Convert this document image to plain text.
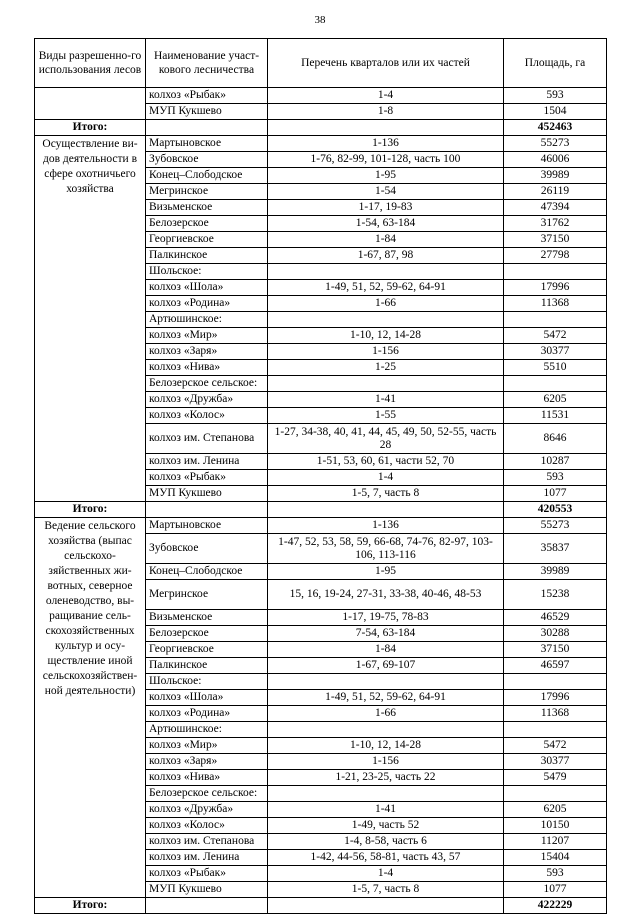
38
Виды разрешенно-го использования лесов	Наименование участ-кового лесничества	Перечень кварталов или их частей	Площадь, га
	колхоз «Рыбак»	1-4	593
	МУП Кукшево	1-8	1504
Итого:			452463
Осуществление ви-дов деятельности в сфере охотничьего хозяйства	Мартыновское	1-136	55273
	Зубовское	1-76, 82-99, 101-128, часть 100	46006
	Конец–Слободское	1-95	39989
	Мегринское	1-54	26119
	Визьменское	1-17, 19-83	47394
	Белозерское	1-54, 63-184	31762
	Георгиевское	1-84	37150
	Палкинское	1-67, 87, 98	27798
	Шольское:		
	колхоз «Шола»	1-49, 51, 52, 59-62, 64-91	17996
	колхоз «Родина»	1-66	11368
	Артюшинское:		
	колхоз «Мир»	1-10, 12, 14-28	5472
	колхоз «Заря»	1-156	30377
	колхоз «Нива»	1-25	5510
	Белозерское сельское:		
	колхоз «Дружба»	1-41	6205
	колхоз «Колос»	1-55	11531
	колхоз им. Степанова	1-27, 34-38, 40, 41, 44, 45, 49, 50, 52-55, часть 28	8646
	колхоз им. Ленина	1-51, 53, 60, 61, части 52, 70	10287
	колхоз «Рыбак»	1-4	593
	МУП Кукшево	1-5, 7, часть 8	1077
Итого:			420553
Ведение сельского хозяйства (выпас сельскохо-зяйственных жи-вотных, северное оленеводство, вы-ращивание сель-скохозяйственных культур и осу-ществление иной сельскохозяйствен-ной деятельности)	Мартыновское	1-136	55273
	Зубовское	1-47, 52, 53, 58, 59, 66-68, 74-76, 82-97, 103-106, 113-116	35837
	Конец–Слободское	1-95	39989
	Мегринское	15, 16, 19-24, 27-31, 33-38, 40-46, 48-53	15238
	Визьменское	1-17, 19-75, 78-83	46529
	Белозерское	7-54, 63-184	30288
	Георгиевское	1-84	37150
	Палкинское	1-67, 69-107	46597
	Шольское:		
	колхоз «Шола»	1-49, 51, 52, 59-62, 64-91	17996
	колхоз «Родина»	1-66	11368
	Артюшинское:		
	колхоз «Мир»	1-10, 12, 14-28	5472
	колхоз «Заря»	1-156	30377
	колхоз «Нива»	1-21, 23-25, часть 22	5479
	Белозерское сельское:		
	колхоз «Дружба»	1-41	6205
	колхоз «Колос»	1-49, часть 52	10150
	колхоз им. Степанова	1-4, 8-58, часть 6	11207
	колхоз им. Ленина	1-42, 44-56, 58-81, часть 43, 57	15404
	колхоз «Рыбак»	1-4	593
	МУП Кукшево	1-5, 7, часть 8	1077
Итого:			422229
